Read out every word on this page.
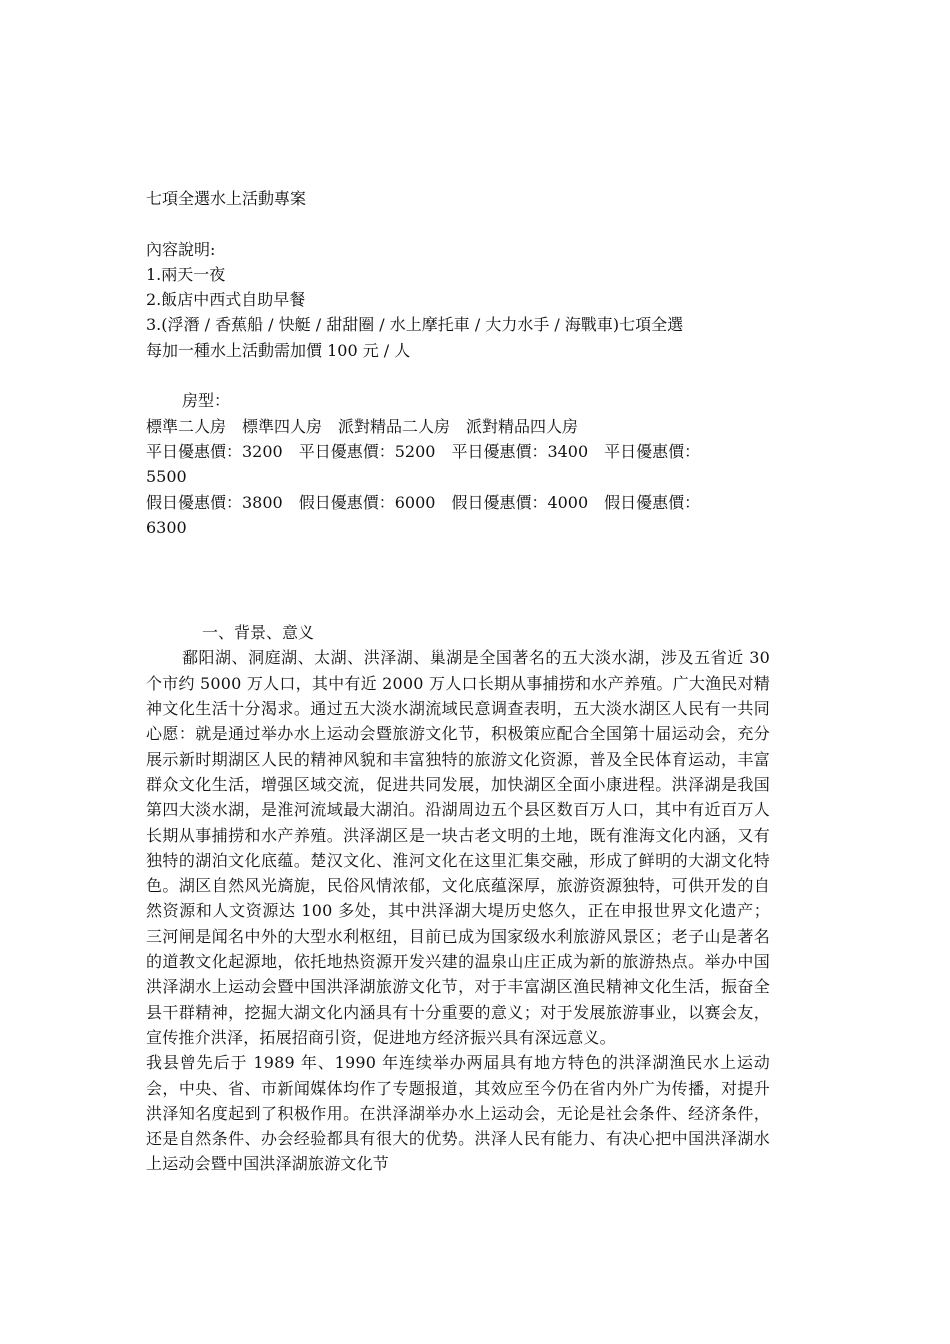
七項全選水上活動專案
內容說明:
1.兩天一夜
2.飯店中西式自助早餐
3.(浮潛 / 香蕉船 / 快艇 / 甜甜圈 / 水上摩托車 / 大力水手 / 海戰車)七項全選
每加一種水上活動需加價 100 元 / 人
房型：
標準二人房　標準四人房　派對精品二人房　派對精品四人房
平日優惠價：3200　平日優惠價：5200　平日優惠價：3400　平日優惠價：
5500
假日優惠價：3800　假日優惠價：6000　假日優惠價：4000　假日優惠價：
6300
一、背景、意义
鄱阳湖、洞庭湖、太湖、洪泽湖、巢湖是全国著名的五大淡水湖，涉及五省近 30 个市约 5000 万人口，其中有近 2000 万人口长期从事捕捞和水产养殖。广大渔民对精神文化生活十分渴求。通过五大淡水湖流域民意调查表明，五大淡水湖区人民有一共同心愿：就是通过举办水上运动会暨旅游文化节，积极策应配合全国第十届运动会，充分展示新时期湖区人民的精神风貌和丰富独特的旅游文化资源，普及全民体育运动，丰富群众文化生活，增强区域交流，促进共同发展，加快湖区全面小康进程。洪泽湖是我国第四大淡水湖，是淮河流域最大湖泊。沿湖周边五个县区数百万人口，其中有近百万人长期从事捕捞和水产养殖。洪泽湖区是一块古老文明的土地，既有淮海文化内涵，又有独特的湖泊文化底蕴。楚汉文化、淮河文化在这里汇集交融，形成了鲜明的大湖文化特色。湖区自然风光旖旎，民俗风情浓郁，文化底蕴深厚，旅游资源独特，可供开发的自然资源和人文资源达 100 多处，其中洪泽湖大堤历史悠久，正在申报世界文化遗产；三河闸是闻名中外的大型水利枢纽，目前已成为国家级水利旅游风景区；老子山是著名的道教文化起源地，依托地热资源开发兴建的温泉山庄正成为新的旅游热点。举办中国洪泽湖水上运动会暨中国洪泽湖旅游文化节，对于丰富湖区渔民精神文化生活，振奋全县干群精神，挖掘大湖文化内涵具有十分重要的意义；对于发展旅游事业，以赛会友，宣传推介洪泽，拓展招商引资，促进地方经济振兴具有深远意义。
我县曾先后于 1989 年、1990 年连续举办两届具有地方特色的洪泽湖渔民水上运动会，中央、省、市新闻媒体均作了专题报道，其效应至今仍在省内外广为传播，对提升洪泽知名度起到了积极作用。在洪泽湖举办水上运动会，无论是社会条件、经济条件，还是自然条件、办会经验都具有很大的优势。洪泽人民有能力、有决心把中国洪泽湖水上运动会暨中国洪泽湖旅游文化节
